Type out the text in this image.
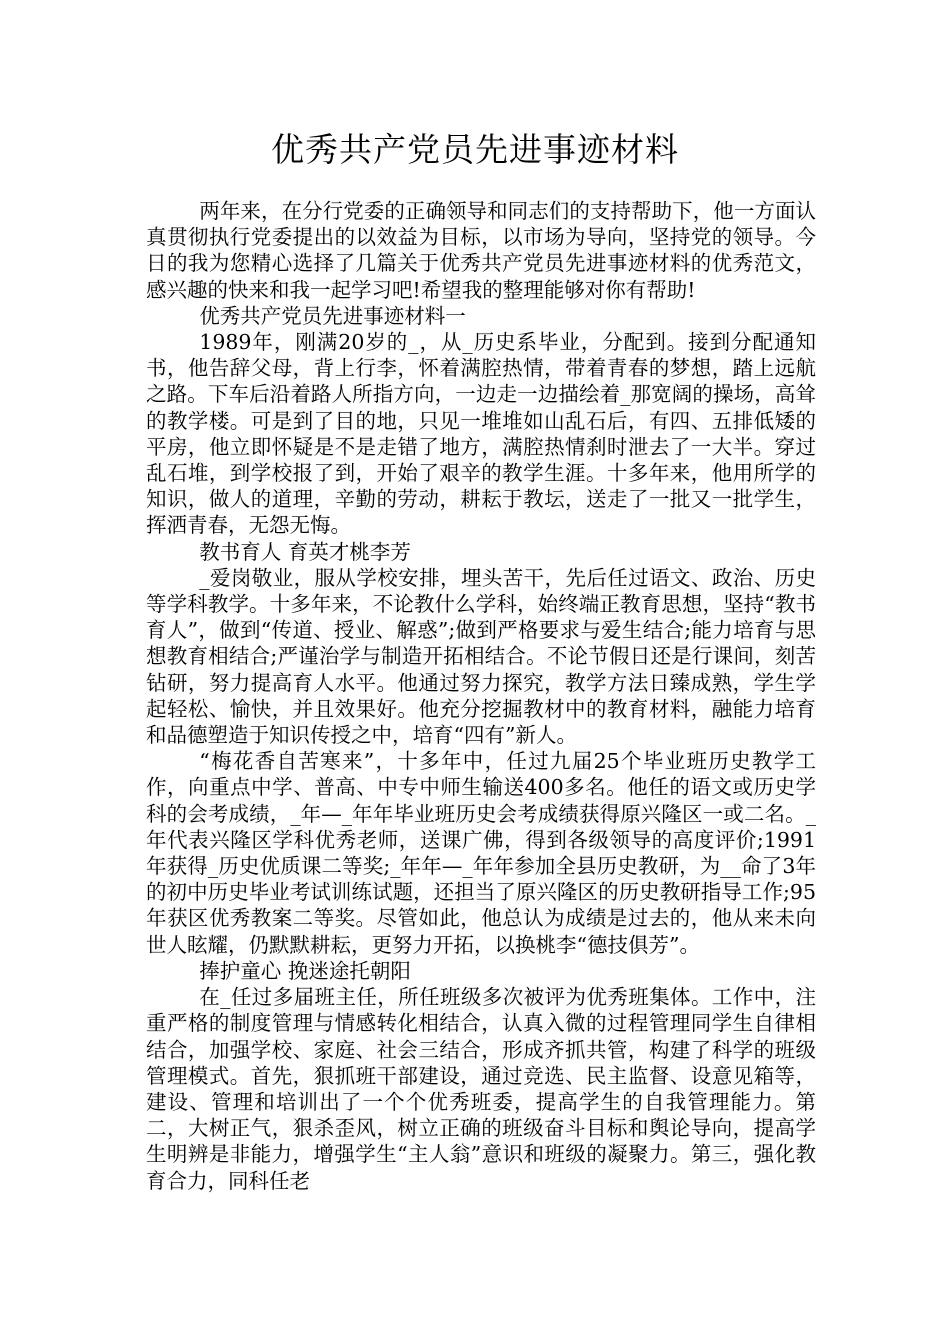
优秀共产党员先进事迹材料

两年来，在分行党委的正确领导和同志们的支持帮助下，他一方面认真贯彻执行党委提出的以效益为目标，以市场为导向，坚持党的领导。今日的我为您精心选择了几篇关于优秀共产党员先进事迹材料的优秀范文，感兴趣的快来和我一起学习吧!希望我的整理能够对你有帮助!

优秀共产党员先进事迹材料一

1989年，刚满20岁的_，从_历史系毕业，分配到。接到分配通知书，他告辞父母，背上行李，怀着满腔热情，带着青春的梦想，踏上远航之路。下车后沿着路人所指方向，一边走一边描绘着_那宽阔的操场，高耸的教学楼。可是到了目的地，只见一堆堆如山乱石后，有四、五排低矮的平房，他立即怀疑是不是走错了地方，满腔热情刹时泄去了一大半。穿过乱石堆，到学校报了到，开始了艰辛的教学生涯。十多年来，他用所学的知识，做人的道理，辛勤的劳动，耕耘于教坛，送走了一批又一批学生，挥洒青春，无怨无悔。

教书育人 育英才桃李芳

_爱岗敬业，服从学校安排，埋头苦干，先后任过语文、政治、历史等学科教学。十多年来，不论教什么学科，始终端正教育思想，坚持“教书育人”，做到“传道、授业、解惑”;做到严格要求与爱生结合;能力培育与思想教育相结合;严谨治学与制造开拓相结合。不论节假日还是行课间，刻苦钻研，努力提高育人水平。他通过努力探究，教学方法日臻成熟，学生学起轻松、愉快，并且效果好。他充分挖掘教材中的教育材料，融能力培育和品德塑造于知识传授之中，培育“四有”新人。

“梅花香自苦寒来”，十多年中，任过九届25个毕业班历史教学工作，向重点中学、普高、中专中师生输送400多名。他任的语文或历史学科的会考成绩，_年—_年年毕业班历史会考成绩获得原兴隆区一或二名。_年代表兴隆区学科优秀老师，送课广佛，得到各级领导的高度评价;1991年获得_历史优质课二等奖;_年年—_年年参加全县历史教研，为__命了3年的初中历史毕业考试训练试题，还担当了原兴隆区的历史教研指导工作;95年获区优秀教案二等奖。尽管如此，他总认为成绩是过去的，他从来未向世人眩耀，仍默默耕耘，更努力开拓，以换桃李“德技俱芳”。

捧护童心 挽迷途托朝阳

在_任过多届班主任，所任班级多次被评为优秀班集体。工作中，注重严格的制度管理与情感转化相结合，认真入微的过程管理同学生自律相结合，加强学校、家庭、社会三结合，形成齐抓共管，构建了科学的班级管理模式。首先，狠抓班干部建设，通过竞选、民主监督、设意见箱等，建设、管理和培训出了一个个优秀班委，提高学生的自我管理能力。第二，大树正气，狠杀歪风，树立正确的班级奋斗目标和舆论导向，提高学生明辨是非能力，增强学生“主人翁”意识和班级的凝聚力。第三，强化教育合力，同科任老
